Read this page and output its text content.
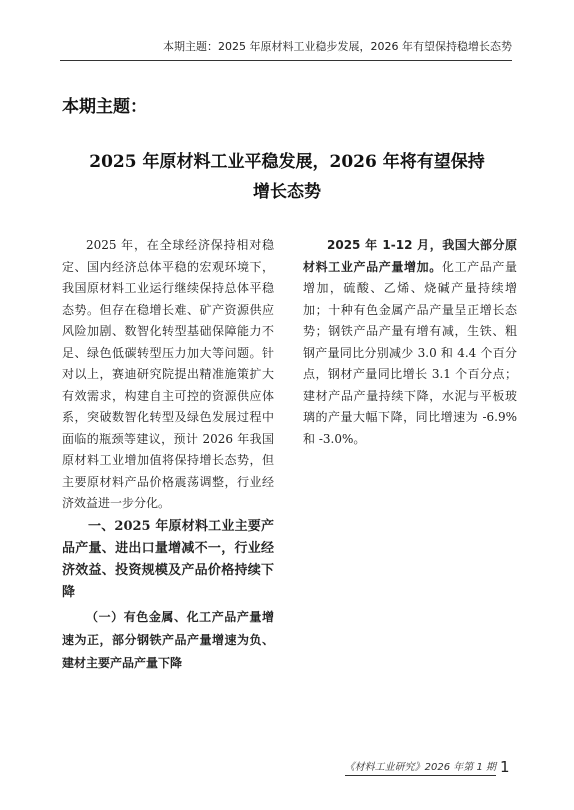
本期主题：2025 年原材料工业稳步发展，2026 年有望保持稳增长态势
本期主题：
2025 年原材料工业平稳发展，2026 年将有望保持
增长态势

2025 年，在全球经济保持相对稳定、国内经济总体平稳的宏观环境下，我国原材料工业运行继续保持总体平稳态势。但存在稳增长难、矿产资源供应风险加剧、数智化转型基础保障能力不足、绿色低碳转型压力加大等问题。针对以上，赛迪研究院提出精准施策扩大有效需求，构建自主可控的资源供应体系，突破数智化转型及绿色发展过程中面临的瓶颈等建议，预计 2026 年我国原材料工业增加值将保持增长态势，但主要原材料产品价格震荡调整，行业经济效益进一步分化。

一、2025 年原材料工业主要产品产量、进出口量增减不一，行业经济效益、投资规模及产品价格持续下降

（一）有色金属、化工产品产量增速为正，部分钢铁产品产量增速为负、建材主要产品产量下降

2025 年 1-12 月，我国大部分原材料工业产品产量增加。化工产品产量增加，硫酸、乙烯、烧碱产量持续增加；十种有色金属产品产量呈正增长态势；钢铁产品产量有增有减，生铁、粗钢产量同比分别减少 3.0 和 4.4 个百分点，钢材产量同比增长 3.1 个百分点；建材产品产量持续下降，水泥与平板玻璃的产量大幅下降，同比增速为 -6.9% 和 -3.0%。

《材料工业研究》2026 年第 1 期 1
